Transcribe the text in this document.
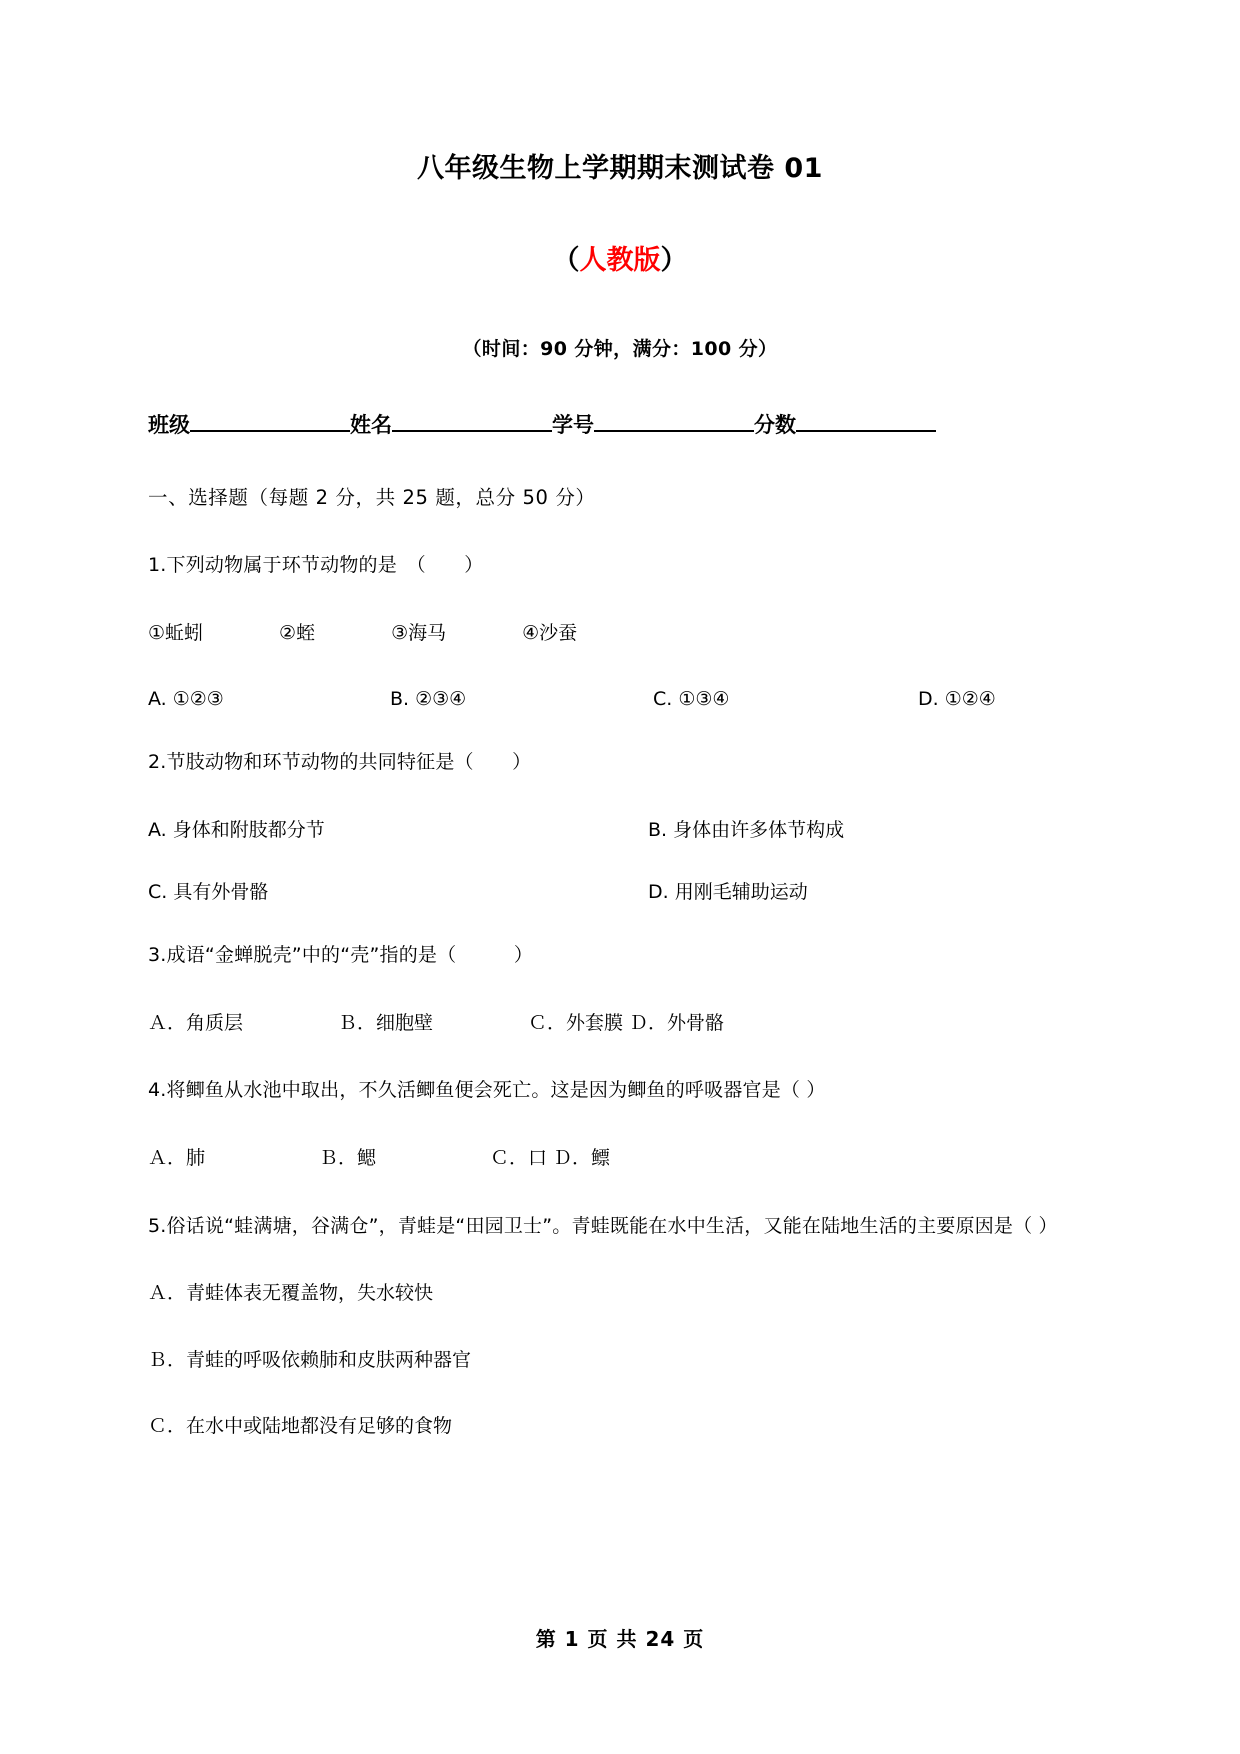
八年级生物上学期期末测试卷 01

（人教版）

（时间：90 分钟，满分：100 分）

班级	姓名	学号	分数

一、选择题（每题 2 分，共 25 题，总分 50 分）

1.下列动物属于环节动物的是　（　　）

①蚯蚓　　　　②蛭　　　　③海马　　　　④沙蚕

A. ①②③	B. ②③④	C. ①③④	D. ①②④

2.节肢动物和环节动物的共同特征是（　　）

A. 身体和附肢都分节	B. 身体由许多体节构成
C. 具有外骨骼	D. 用刚毛辅助运动

3.成语“金蝉脱壳”中的“壳”指的是（　　　）

Ａ．角质层　　　　　Ｂ．细胞壁　　　　　Ｃ．外套膜 Ｄ．外骨骼

4.将鲫鱼从水池中取出，不久活鲫鱼便会死亡。这是因为鲫鱼的呼吸器官是（ ）

Ａ．肺　　　　　　Ｂ．鳃　　　　　　Ｃ．口 Ｄ．鳔

5.俗话说“蛙满塘，谷满仓”，青蛙是“田园卫士”。青蛙既能在水中生活，又能在陆地生活的主要原因是（ ）

Ａ．青蛙体表无覆盖物，失水较快

Ｂ．青蛙的呼吸依赖肺和皮肤两种器官

Ｃ．在水中或陆地都没有足够的食物

第 1 页 共 24 页
